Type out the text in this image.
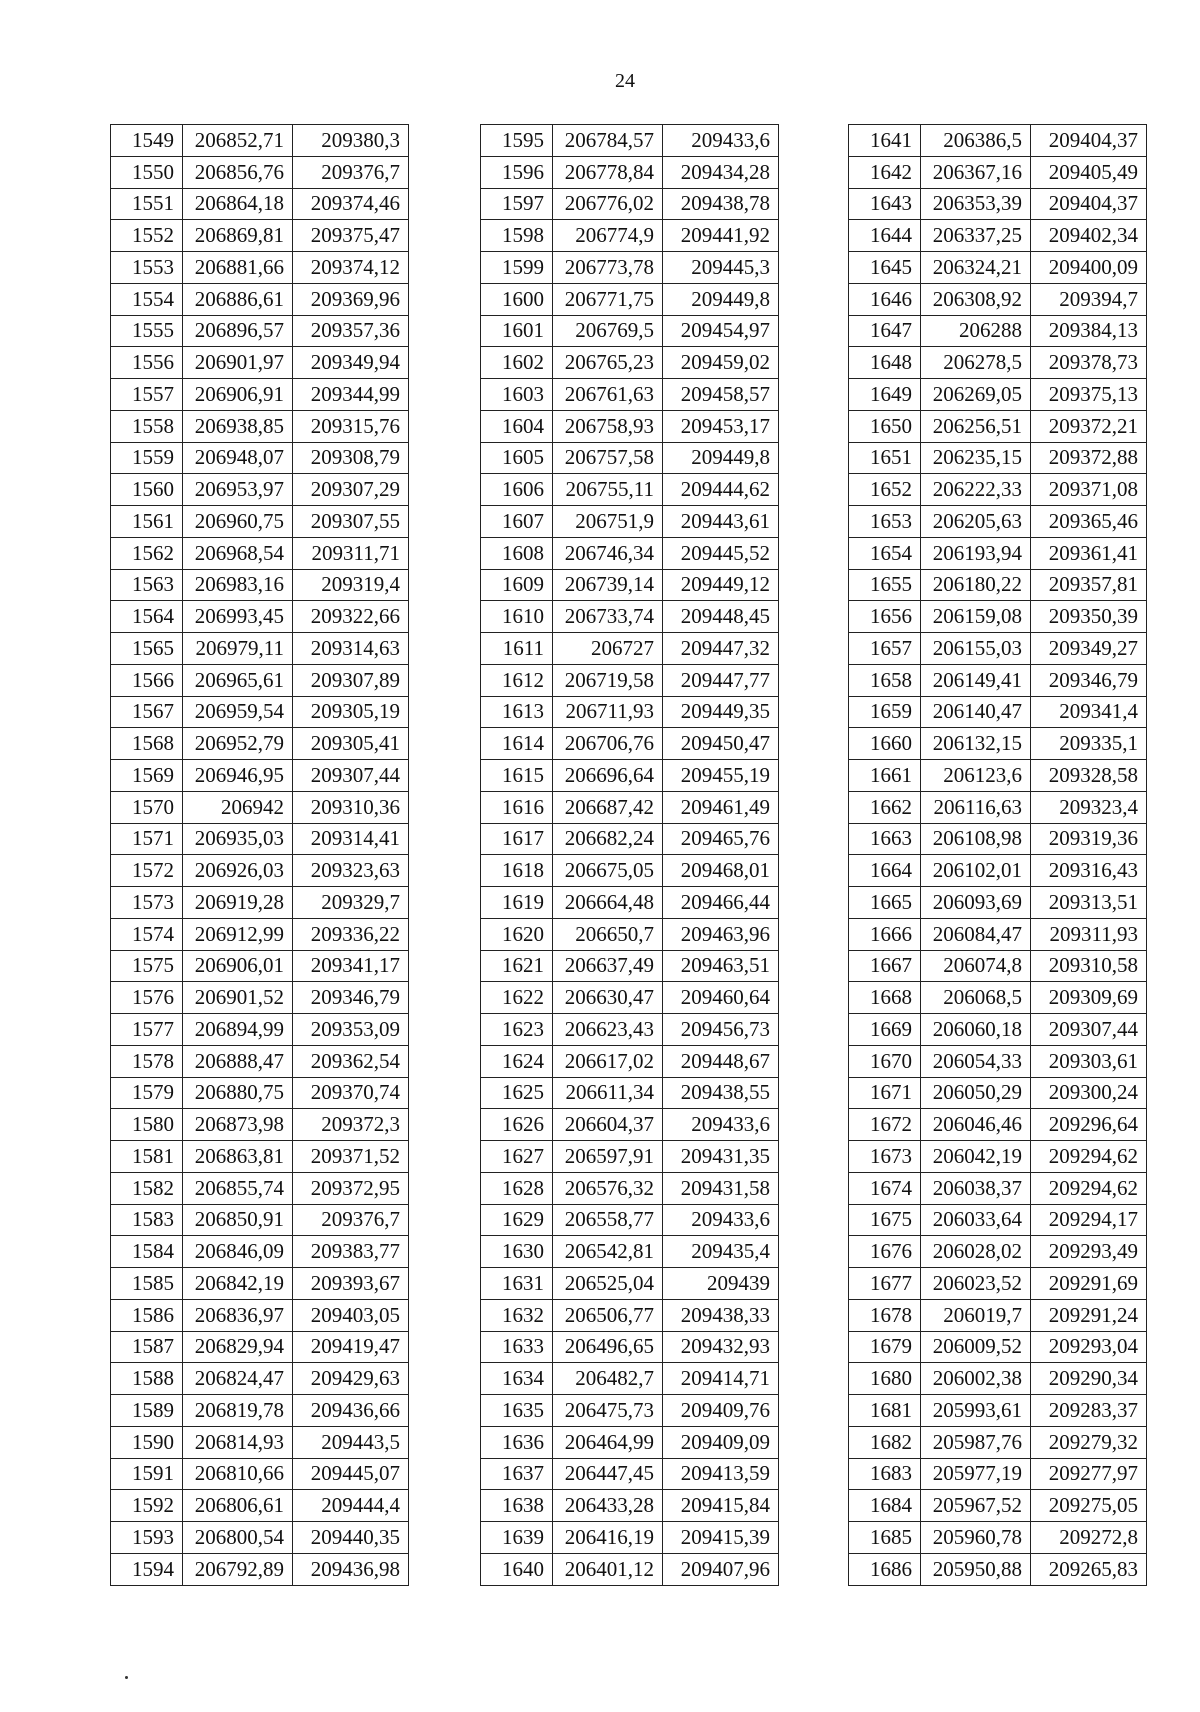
24
1549	206852,71	209380,3
1550	206856,76	209376,7
1551	206864,18	209374,46
1552	206869,81	209375,47
1553	206881,66	209374,12
1554	206886,61	209369,96
1555	206896,57	209357,36
1556	206901,97	209349,94
1557	206906,91	209344,99
1558	206938,85	209315,76
1559	206948,07	209308,79
1560	206953,97	209307,29
1561	206960,75	209307,55
1562	206968,54	209311,71
1563	206983,16	209319,4
1564	206993,45	209322,66
1565	206979,11	209314,63
1566	206965,61	209307,89
1567	206959,54	209305,19
1568	206952,79	209305,41
1569	206946,95	209307,44
1570	206942	209310,36
1571	206935,03	209314,41
1572	206926,03	209323,63
1573	206919,28	209329,7
1574	206912,99	209336,22
1575	206906,01	209341,17
1576	206901,52	209346,79
1577	206894,99	209353,09
1578	206888,47	209362,54
1579	206880,75	209370,74
1580	206873,98	209372,3
1581	206863,81	209371,52
1582	206855,74	209372,95
1583	206850,91	209376,7
1584	206846,09	209383,77
1585	206842,19	209393,67
1586	206836,97	209403,05
1587	206829,94	209419,47
1588	206824,47	209429,63
1589	206819,78	209436,66
1590	206814,93	209443,5
1591	206810,66	209445,07
1592	206806,61	209444,4
1593	206800,54	209440,35
1594	206792,89	209436,98
1595	206784,57	209433,6
1596	206778,84	209434,28
1597	206776,02	209438,78
1598	206774,9	209441,92
1599	206773,78	209445,3
1600	206771,75	209449,8
1601	206769,5	209454,97
1602	206765,23	209459,02
1603	206761,63	209458,57
1604	206758,93	209453,17
1605	206757,58	209449,8
1606	206755,11	209444,62
1607	206751,9	209443,61
1608	206746,34	209445,52
1609	206739,14	209449,12
1610	206733,74	209448,45
1611	206727	209447,32
1612	206719,58	209447,77
1613	206711,93	209449,35
1614	206706,76	209450,47
1615	206696,64	209455,19
1616	206687,42	209461,49
1617	206682,24	209465,76
1618	206675,05	209468,01
1619	206664,48	209466,44
1620	206650,7	209463,96
1621	206637,49	209463,51
1622	206630,47	209460,64
1623	206623,43	209456,73
1624	206617,02	209448,67
1625	206611,34	209438,55
1626	206604,37	209433,6
1627	206597,91	209431,35
1628	206576,32	209431,58
1629	206558,77	209433,6
1630	206542,81	209435,4
1631	206525,04	209439
1632	206506,77	209438,33
1633	206496,65	209432,93
1634	206482,7	209414,71
1635	206475,73	209409,76
1636	206464,99	209409,09
1637	206447,45	209413,59
1638	206433,28	209415,84
1639	206416,19	209415,39
1640	206401,12	209407,96
1641	206386,5	209404,37
1642	206367,16	209405,49
1643	206353,39	209404,37
1644	206337,25	209402,34
1645	206324,21	209400,09
1646	206308,92	209394,7
1647	206288	209384,13
1648	206278,5	209378,73
1649	206269,05	209375,13
1650	206256,51	209372,21
1651	206235,15	209372,88
1652	206222,33	209371,08
1653	206205,63	209365,46
1654	206193,94	209361,41
1655	206180,22	209357,81
1656	206159,08	209350,39
1657	206155,03	209349,27
1658	206149,41	209346,79
1659	206140,47	209341,4
1660	206132,15	209335,1
1661	206123,6	209328,58
1662	206116,63	209323,4
1663	206108,98	209319,36
1664	206102,01	209316,43
1665	206093,69	209313,51
1666	206084,47	209311,93
1667	206074,8	209310,58
1668	206068,5	209309,69
1669	206060,18	209307,44
1670	206054,33	209303,61
1671	206050,29	209300,24
1672	206046,46	209296,64
1673	206042,19	209294,62
1674	206038,37	209294,62
1675	206033,64	209294,17
1676	206028,02	209293,49
1677	206023,52	209291,69
1678	206019,7	209291,24
1679	206009,52	209293,04
1680	206002,38	209290,34
1681	205993,61	209283,37
1682	205987,76	209279,32
1683	205977,19	209277,97
1684	205967,52	209275,05
1685	205960,78	209272,8
1686	205950,88	209265,83
